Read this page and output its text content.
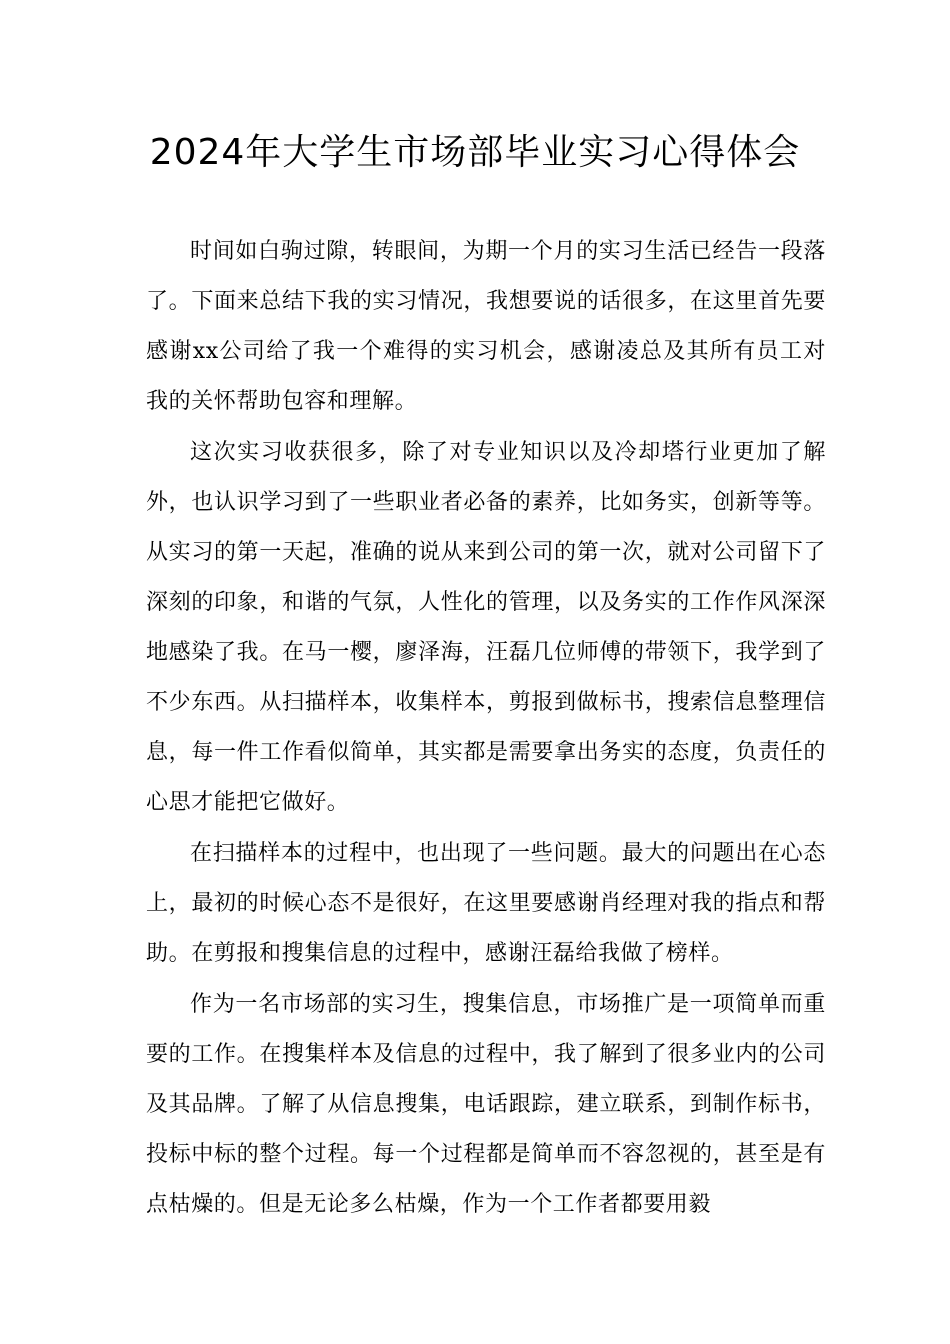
2024年大学生市场部毕业实习心得体会

时间如白驹过隙，转眼间，为期一个月的实习生活已经告一段落了。下面来总结下我的实习情况，我想要说的话很多，在这里首先要感谢xx公司给了我一个难得的实习机会，感谢凌总及其所有员工对我的关怀帮助包容和理解。

这次实习收获很多，除了对专业知识以及冷却塔行业更加了解外，也认识学习到了一些职业者必备的素养，比如务实，创新等等。从实习的第一天起，准确的说从来到公司的第一次，就对公司留下了深刻的印象，和谐的气氛，人性化的管理，以及务实的工作作风深深地感染了我。在马一樱，廖泽海，汪磊几位师傅的带领下，我学到了不少东西。从扫描样本，收集样本，剪报到做标书，搜索信息整理信息，每一件工作看似简单，其实都是需要拿出务实的态度，负责任的心思才能把它做好。

在扫描样本的过程中，也出现了一些问题。最大的问题出在心态上，最初的时候心态不是很好，在这里要感谢肖经理对我的指点和帮助。在剪报和搜集信息的过程中，感谢汪磊给我做了榜样。

作为一名市场部的实习生，搜集信息，市场推广是一项简单而重要的工作。在搜集样本及信息的过程中，我了解到了很多业内的公司及其品牌。了解了从信息搜集，电话跟踪，建立联系，到制作标书，投标中标的整个过程。每一个过程都是简单而不容忽视的，甚至是有点枯燥的。但是无论多么枯燥，作为一个工作者都要用毅
